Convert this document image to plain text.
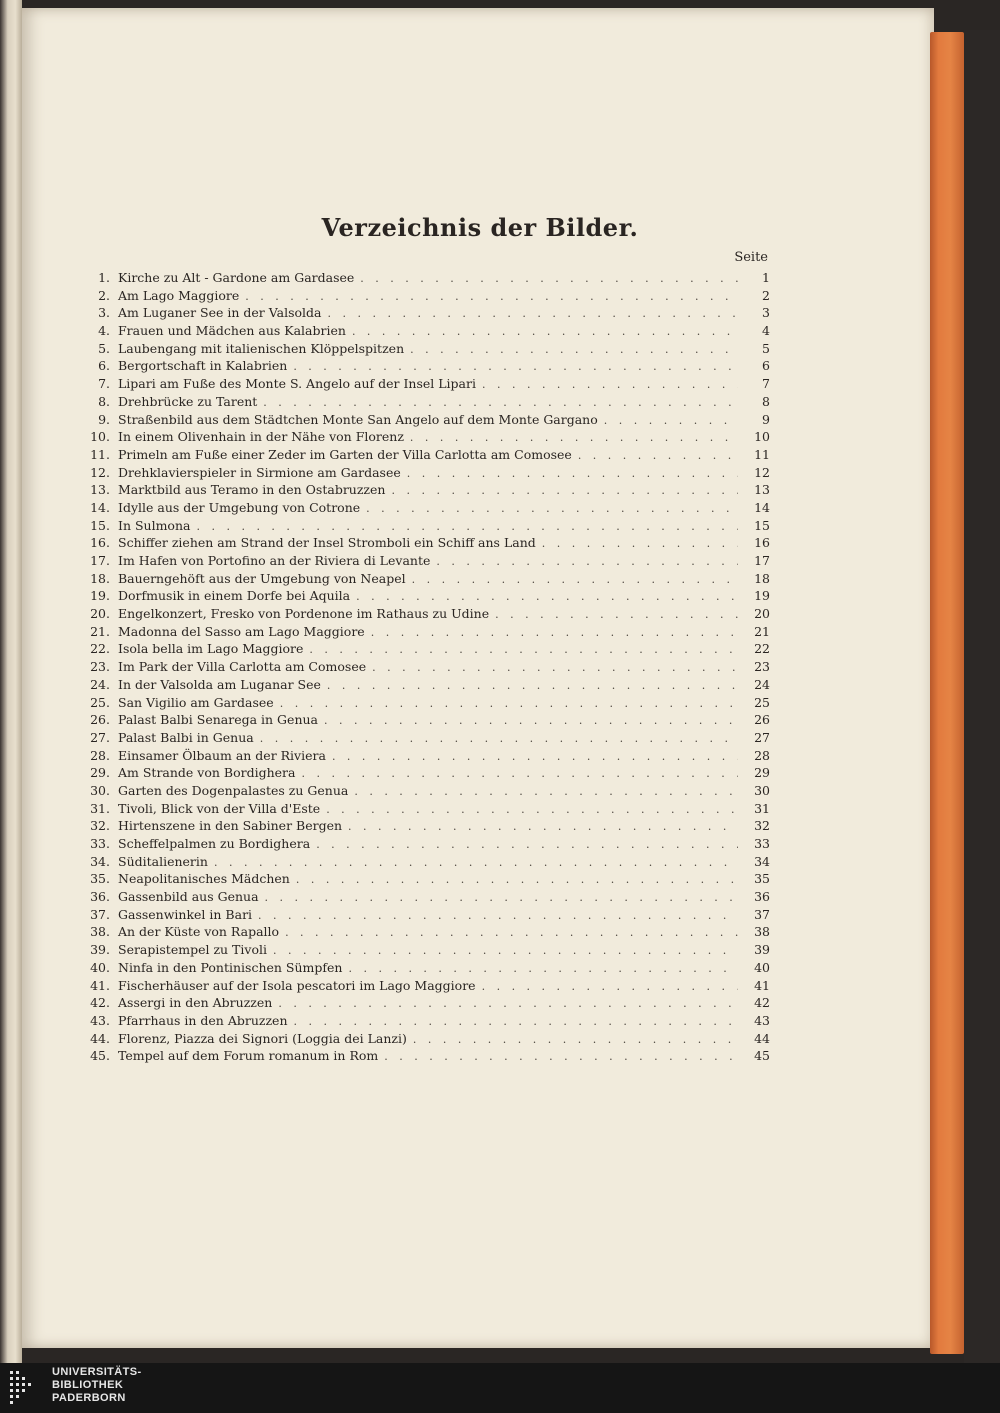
Verzeichnis der Bilder.
Seite
1. Kirche zu Alt - Gardone am Gardasee . . .	1
2. Am Lago Maggiore . . .	2
3. Am Luganer See in der Valsolda . . .	3
4. Frauen und Mädchen aus Kalabrien . . .	4
5. Laubengang mit italienischen Klöppelspitzen . . .	5
6. Bergortschaft in Kalabrien . . .	6
7. Lipari am Fuße des Monte S. Angelo auf der Insel Lipari . . .	7
8. Drehbrücke zu Tarent . . .	8
9. Straßenbild aus dem Städtchen Monte San Angelo auf dem Monte Gargano . . .	9
10. In einem Olivenhain in der Nähe von Florenz . . .	10
11. Primeln am Fuße einer Zeder im Garten der Villa Carlotta am Comosee . . .	11
12. Drehklavierspieler in Sirmione am Gardasee . . .	12
13. Marktbild aus Teramo in den Ostabruzzen . . .	13
14. Idylle aus der Umgebung von Cotrone . . .	14
15. In Sulmona . . .	15
16. Schiffer ziehen am Strand der Insel Stromboli ein Schiff ans Land . . .	16
17. Im Hafen von Portofino an der Riviera di Levante . . .	17
18. Bauerngehöft aus der Umgebung von Neapel . . .	18
19. Dorfmusik in einem Dorfe bei Aquila . . .	19
20. Engelkonzert, Fresko von Pordenone im Rathaus zu Udine . . .	20
21. Madonna del Sasso am Lago Maggiore . . .	21
22. Isola bella im Lago Maggiore . . .	22
23. Im Park der Villa Carlotta am Comosee . . .	23
24. In der Valsolda am Luganar See . . .	24
25. San Vigilio am Gardasee . . .	25
26. Palast Balbi Senarega in Genua . . .	26
27. Palast Balbi in Genua . . .	27
28. Einsamer Ölbaum an der Riviera . . .	28
29. Am Strande von Bordighera . . .	29
30. Garten des Dogenpalastes zu Genua . . .	30
31. Tivoli, Blick von der Villa d'Este . . .	31
32. Hirtenszene in den Sabiner Bergen . . .	32
33. Scheffelpalmen zu Bordighera . . .	33
34. Süditalienerin . . .	34
35. Neapolitanisches Mädchen . . .	35
36. Gassenbild aus Genua . . .	36
37. Gassenwinkel in Bari . . .	37
38. An der Küste von Rapallo . . .	38
39. Serapistempel zu Tivoli . . .	39
40. Ninfa in den Pontinischen Sümpfen . . .	40
41. Fischerhäuser auf der Isola pescatori im Lago Maggiore . . .	41
42. Assergi in den Abruzzen . . .	42
43. Pfarrhaus in den Abruzzen . . .	43
44. Florenz, Piazza dei Signori (Loggia dei Lanzi) . . .	44
45. Tempel auf dem Forum romanum in Rom . . .	45
UNIVERSITÄTS-
BIBLIOTHEK
PADERBORN
